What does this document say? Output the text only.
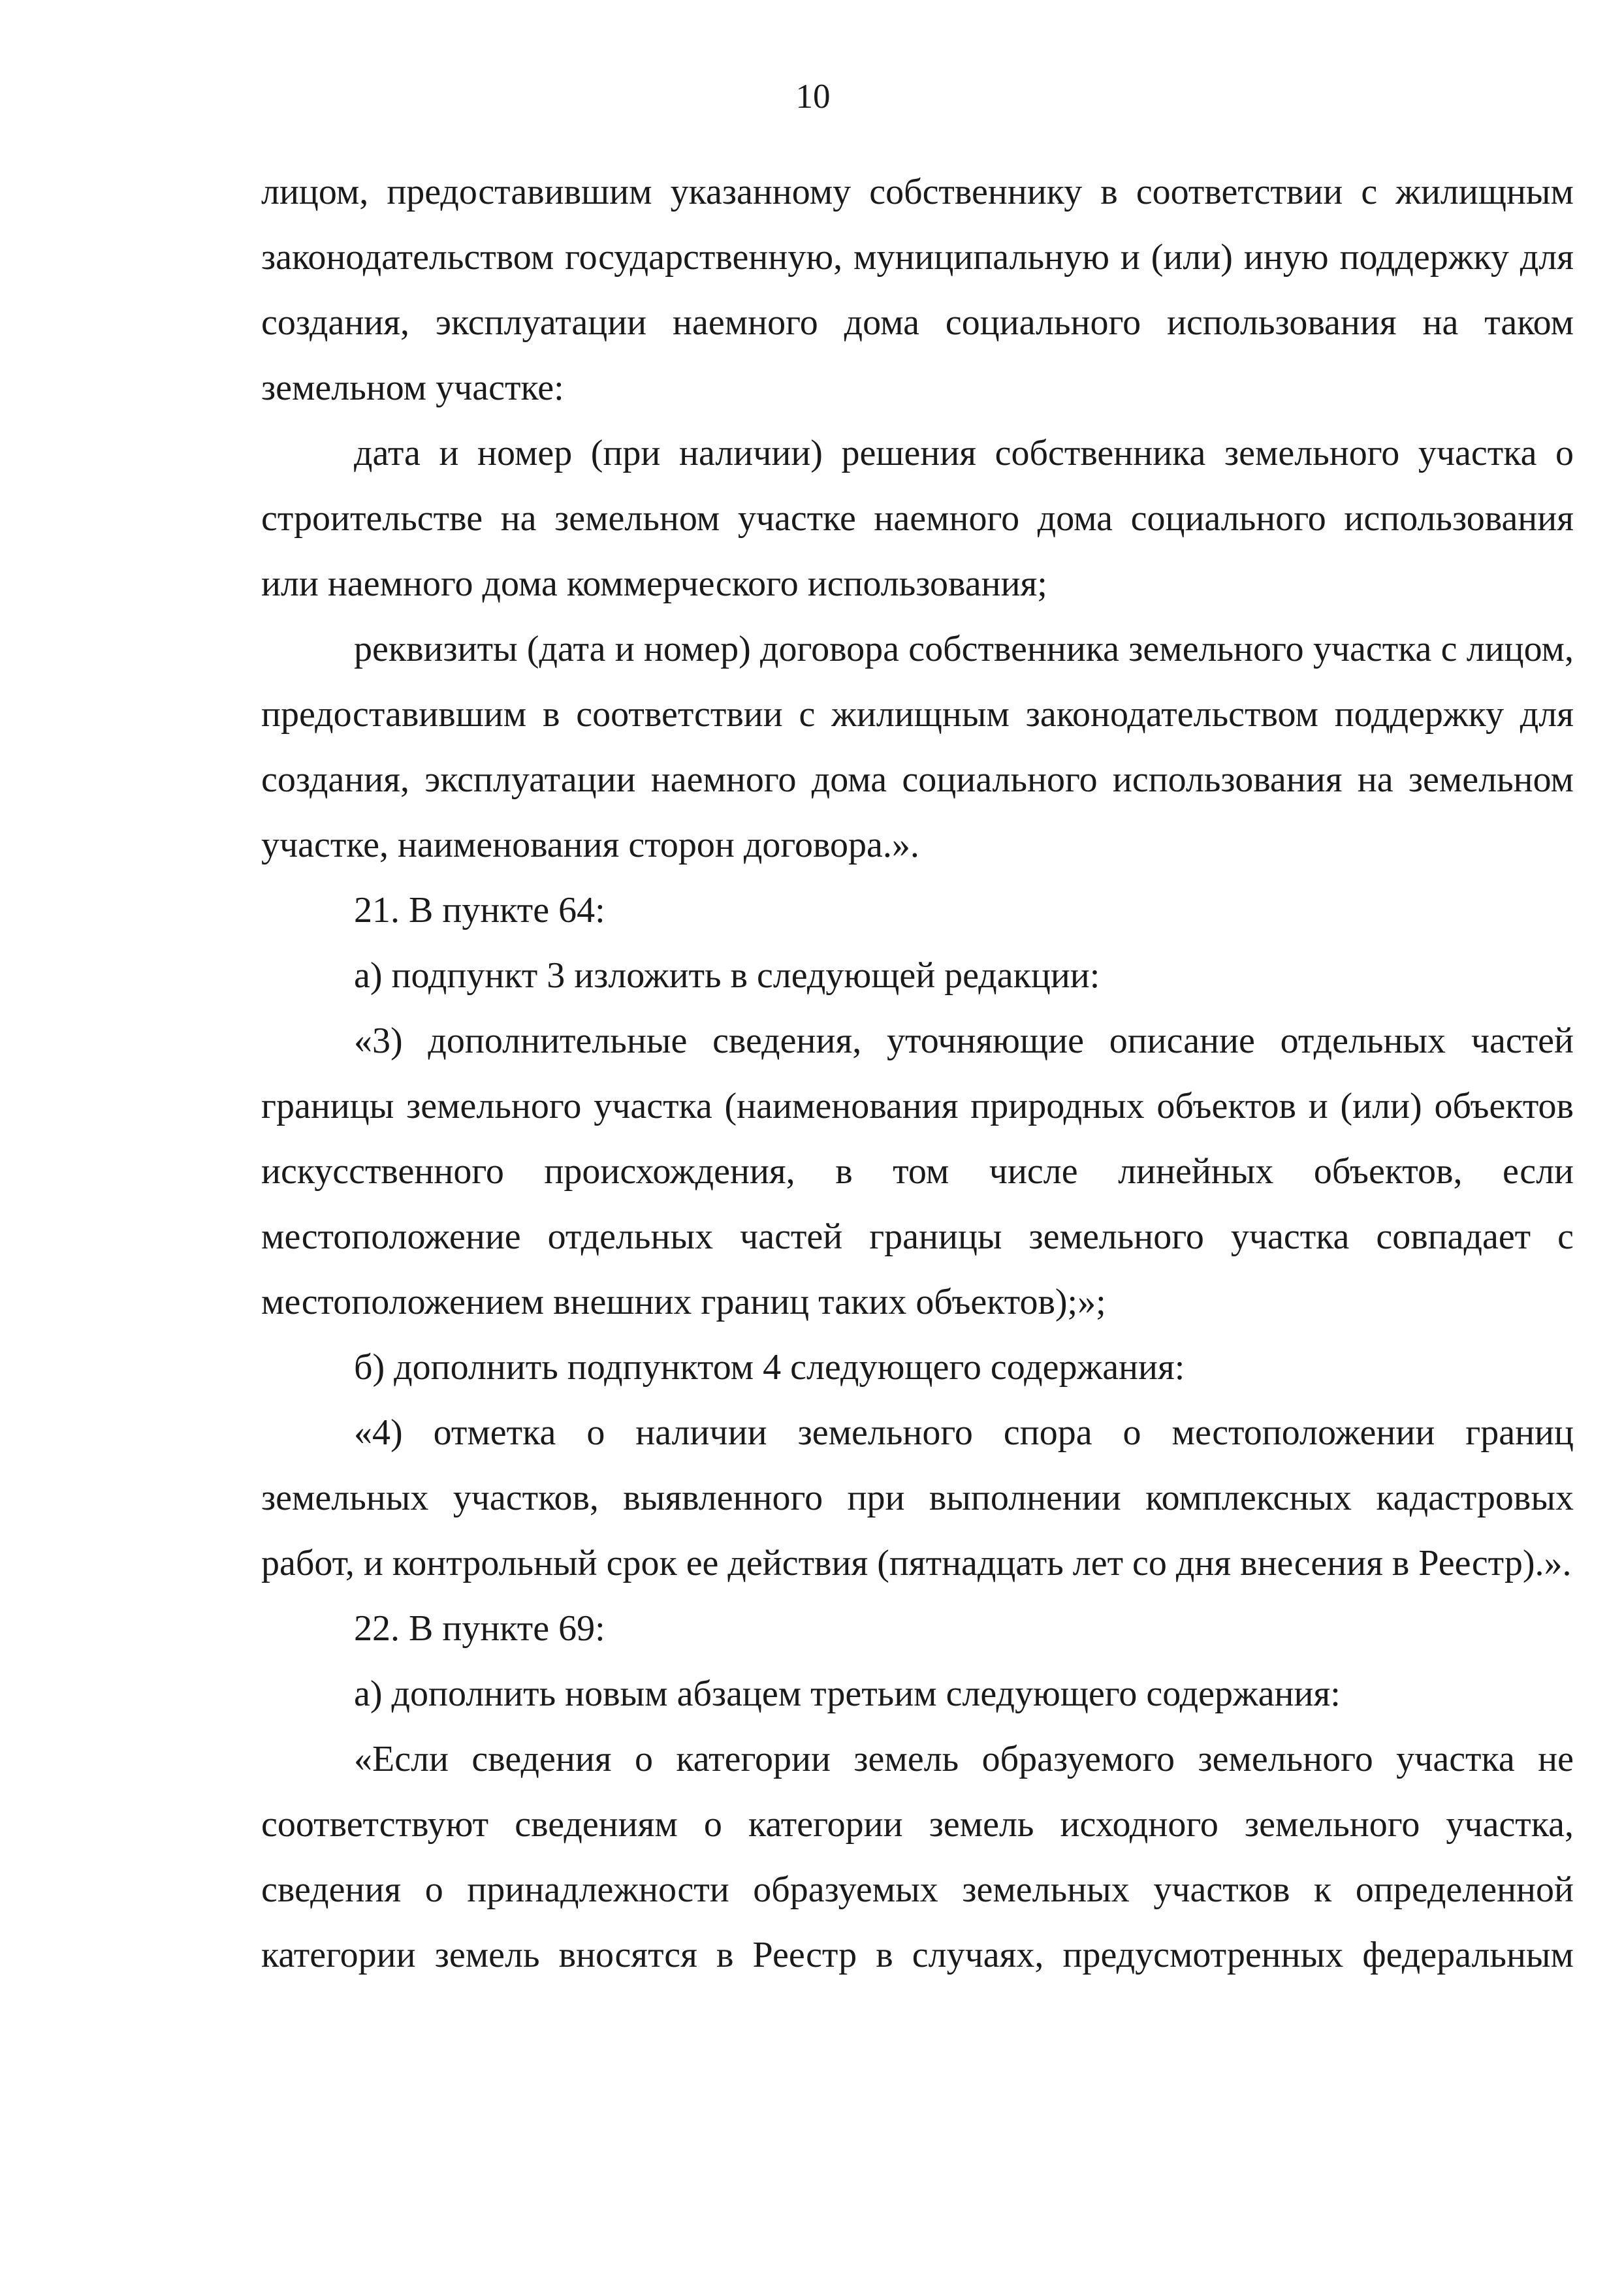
10

лицом, предоставившим указанному собственнику в соответствии с жилищным законодательством государственную, муниципальную и (или) иную поддержку для создания, эксплуатации наемного дома социального использования на таком земельном участке:

дата и номер (при наличии) решения собственника земельного участка о строительстве на земельном участке наемного дома социального использования или наемного дома коммерческого использования;

реквизиты (дата и номер) договора собственника земельного участка с лицом, предоставившим в соответствии с жилищным законодательством поддержку для создания, эксплуатации наемного дома социального использования на земельном участке, наименования сторон договора.».

21. В пункте 64:

а) подпункт 3 изложить в следующей редакции:

«3) дополнительные сведения, уточняющие описание отдельных частей границы земельного участка (наименования природных объектов и (или) объектов искусственного происхождения, в том числе линейных объектов, если местоположение отдельных частей границы земельного участка совпадает с местоположением внешних границ таких объектов);»;

б) дополнить подпунктом 4 следующего содержания:

«4) отметка о наличии земельного спора о местоположении границ земельных участков, выявленного при выполнении комплексных кадастровых работ, и контрольный срок ее действия (пятнадцать лет со дня внесения в Реестр).».

22. В пункте 69:

а) дополнить новым абзацем третьим следующего содержания:

«Если сведения о категории земель образуемого земельного участка не соответствуют сведениям о категории земель исходного земельного участка, сведения о принадлежности образуемых земельных участков к определенной категории земель вносятся в Реестр в случаях, предусмотренных федеральным
